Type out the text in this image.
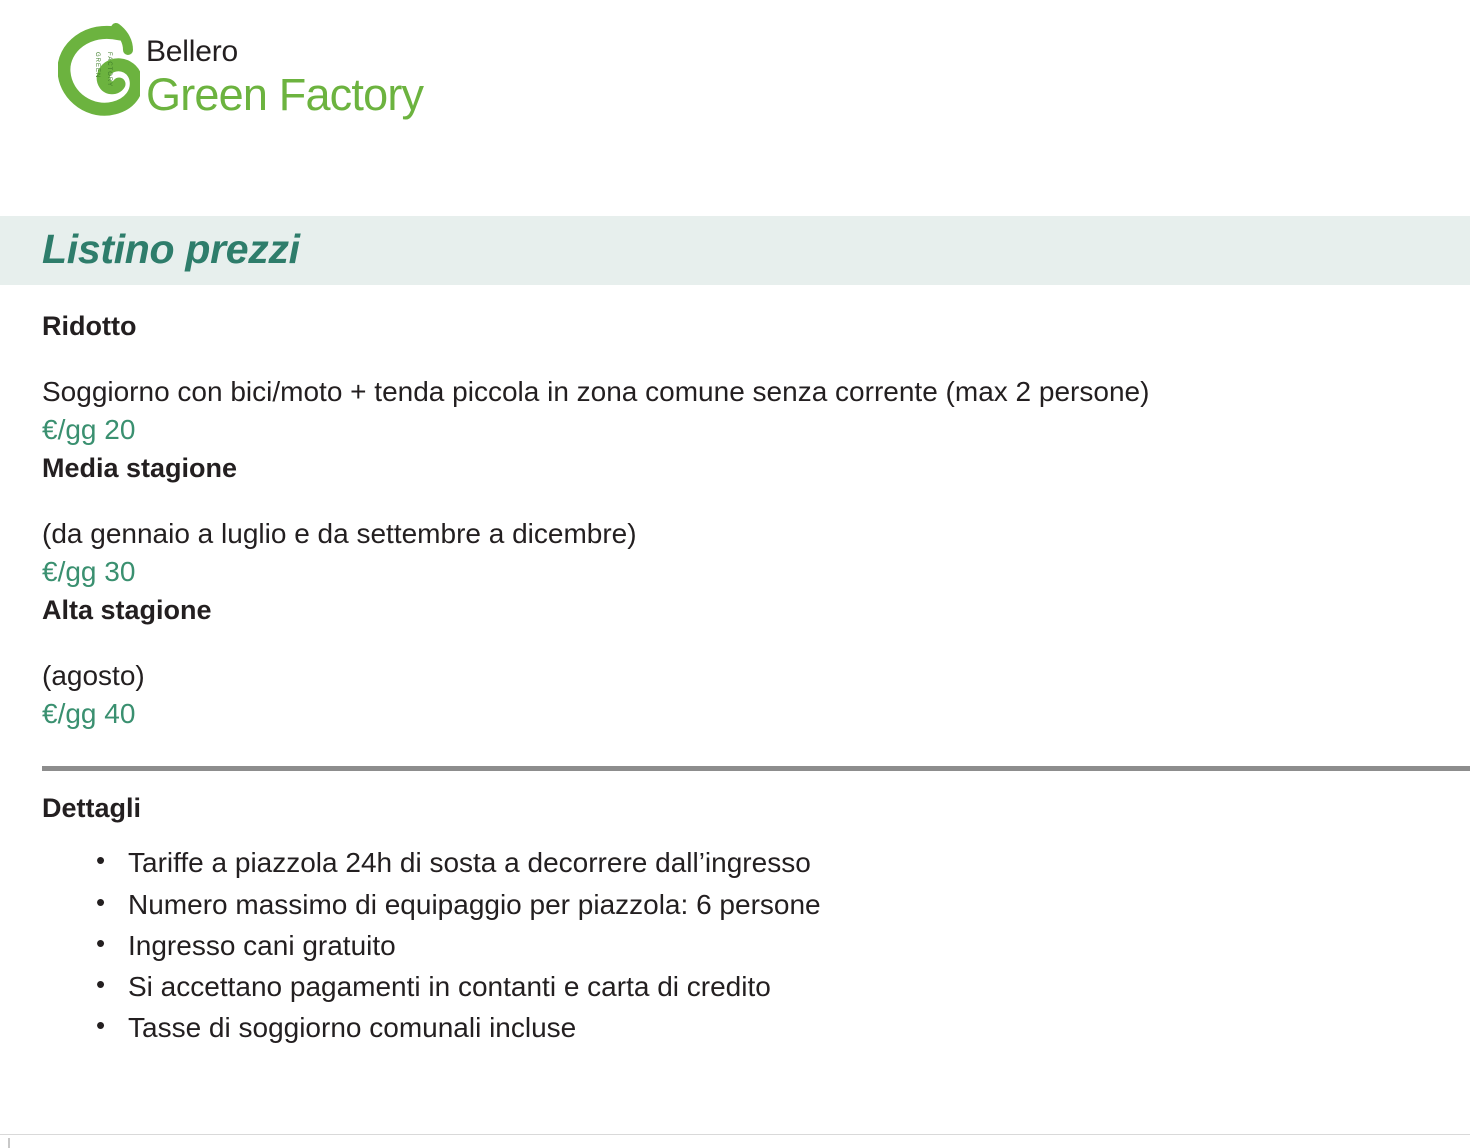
GREEN FACTORY
Bellero
Green Factory
Listino prezzi
Ridotto
Soggiorno con bici/moto + tenda piccola in zona comune senza corrente (max 2 persone)
€/gg 20
Media stagione
(da gennaio a luglio e da settembre a dicembre)
€/gg 30
Alta stagione
(agosto)
€/gg 40
Dettagli
• Tariffe a piazzola 24h di sosta a decorrere dall’ingresso
• Numero massimo di equipaggio per piazzola: 6 persone
• Ingresso cani gratuito
• Si accettano pagamenti in contanti e carta di credito
• Tasse di soggiorno comunali incluse
